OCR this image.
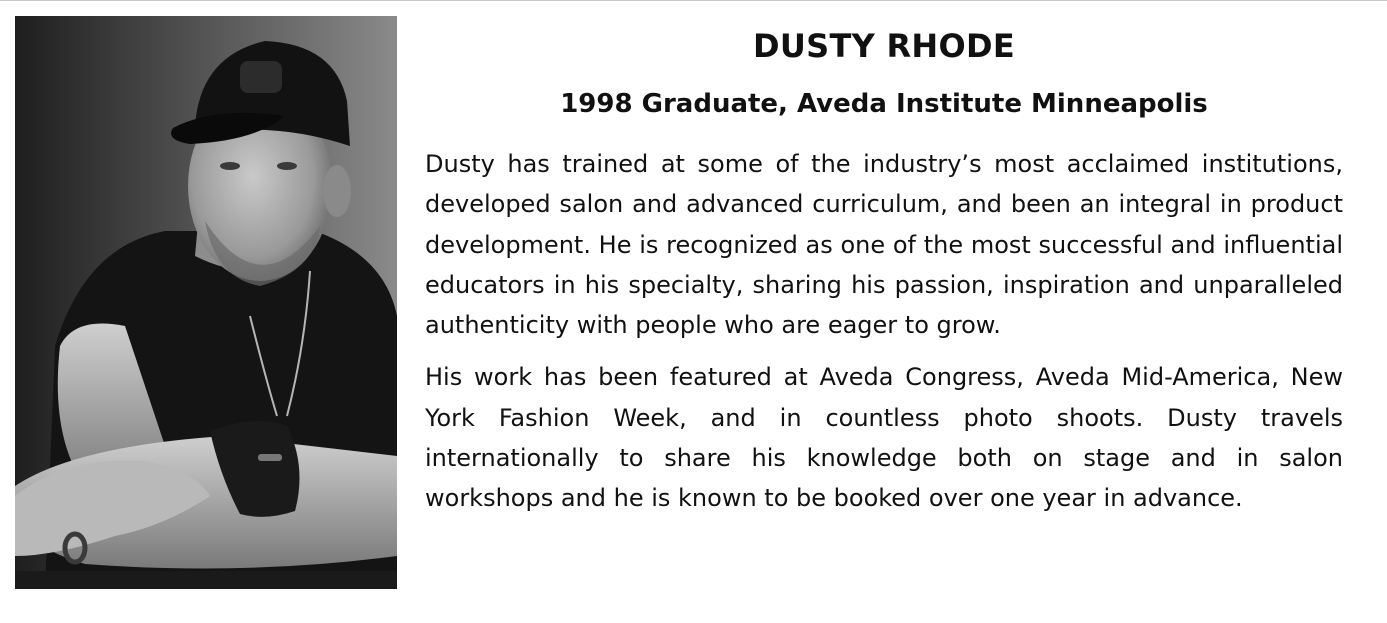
DUSTY RHODE
1998 Graduate, Aveda Institute Minneapolis

Dusty has trained at some of the industry’s most acclaimed institutions, developed salon and advanced curriculum, and been an integral in product development. He is recognized as one of the most successful and influential educators in his specialty, sharing his passion, inspiration and unparalleled authenticity with people who are eager to grow.

His work has been featured at Aveda Congress, Aveda Mid-America, New York Fashion Week, and in countless photo shoots. Dusty travels internationally to share his knowledge both on stage and in salon workshops and he is known to be booked over one year in advance.
